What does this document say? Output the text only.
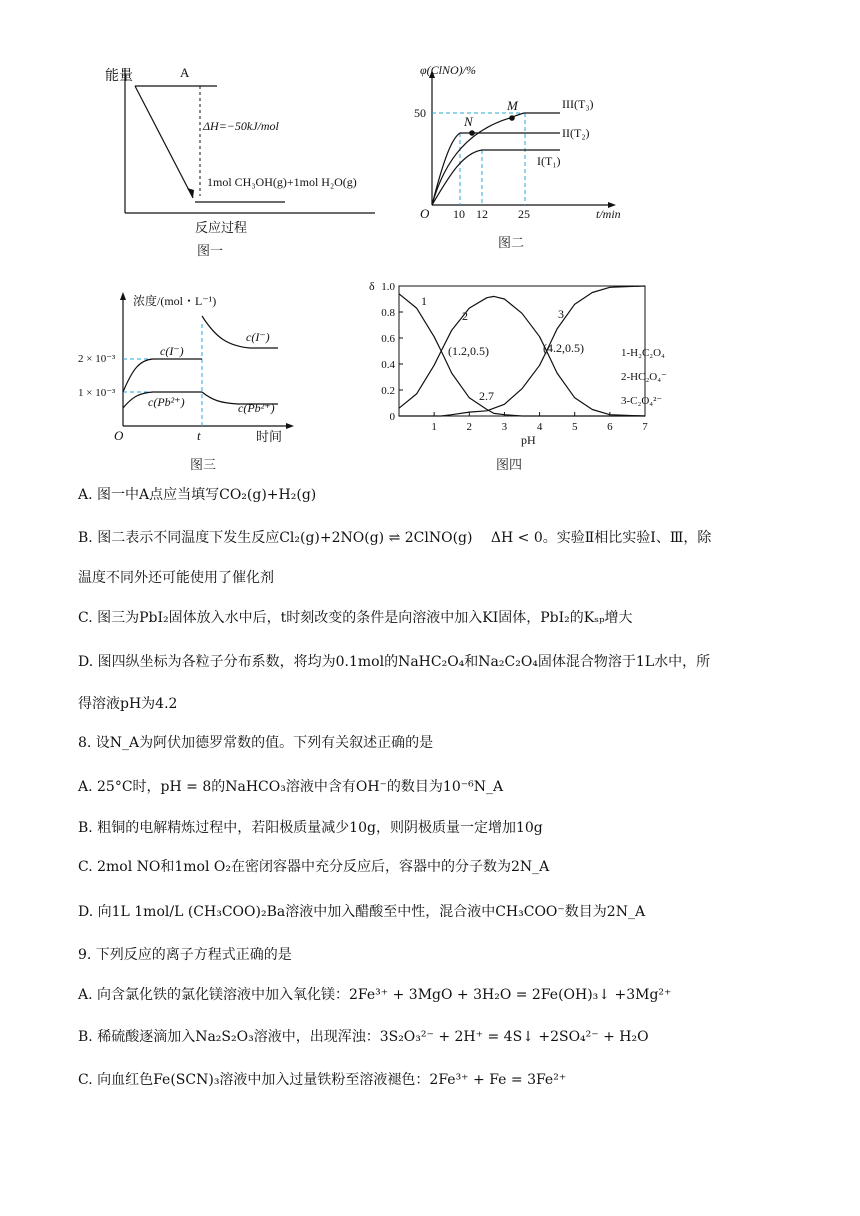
能量	A
ΔH=−50kJ/mol
1mol CH₃OH(g)+1mol H₂O(g)
反应过程
图一
φ(ClNO)/%
O
50
N
M	III(T₃)
II(T₂)
I(T₁)
10 12	25	t/min
图二
浓度/(mol・L⁻¹)
2 × 10⁻³
1 × 10⁻³
c(I⁻)
c(I⁻)
c(Pb²⁺)	c(Pb²⁺)
O	t	时间
图三
δ
0
0.2
0.4
0.6
0.8
1.0
1	2	3	4	5	6	7
pH
1
2	3
(1.2,0.5)	(4.2,0.5)
2.7
1-H₂C₂O₄
2-HC₂O₄⁻
3-C₂O₄²⁻
图四
A. 图一中A点应当填写CO₂(g)+H₂(g)
B. 图二表示不同温度下发生反应Cl₂(g)+2NO(g) ⇌ 2ClNO(g)　 ΔH < 0。实验Ⅱ相比实验Ⅰ、Ⅲ，除
温度不同外还可能使用了催化剂
C. 图三为PbI₂固体放入水中后，t时刻改变的条件是向溶液中加入KI固体，PbI₂的Kₛₚ增大
D. 图四纵坐标为各粒子分布系数，将均为0.1mol的NaHC₂O₄和Na₂C₂O₄固体混合物溶于1L水中，所
得溶液pH为4.2
8. 设N_A为阿伏加德罗常数的值。下列有关叙述正确的是
A. 25°C时，pH = 8的NaHCO₃溶液中含有OH⁻的数目为10⁻⁶N_A
B. 粗铜的电解精炼过程中，若阳极质量减少10g，则阴极质量一定增加10g
C. 2mol NO和1mol O₂在密闭容器中充分反应后，容器中的分子数为2N_A
D. 向1L 1mol/L (CH₃COO)₂Ba溶液中加入醋酸至中性，混合液中CH₃COO⁻数目为2N_A
9. 下列反应的离子方程式正确的是
A. 向含氯化铁的氯化镁溶液中加入氧化镁：2Fe³⁺ + 3MgO + 3H₂O = 2Fe(OH)₃↓ +3Mg²⁺
B. 稀硫酸逐滴加入Na₂S₂O₃溶液中，出现浑浊：3S₂O₃²⁻ + 2H⁺ = 4S↓ +2SO₄²⁻ + H₂O
C. 向血红色Fe(SCN)₃溶液中加入过量铁粉至溶液褪色：2Fe³⁺ + Fe = 3Fe²⁺
